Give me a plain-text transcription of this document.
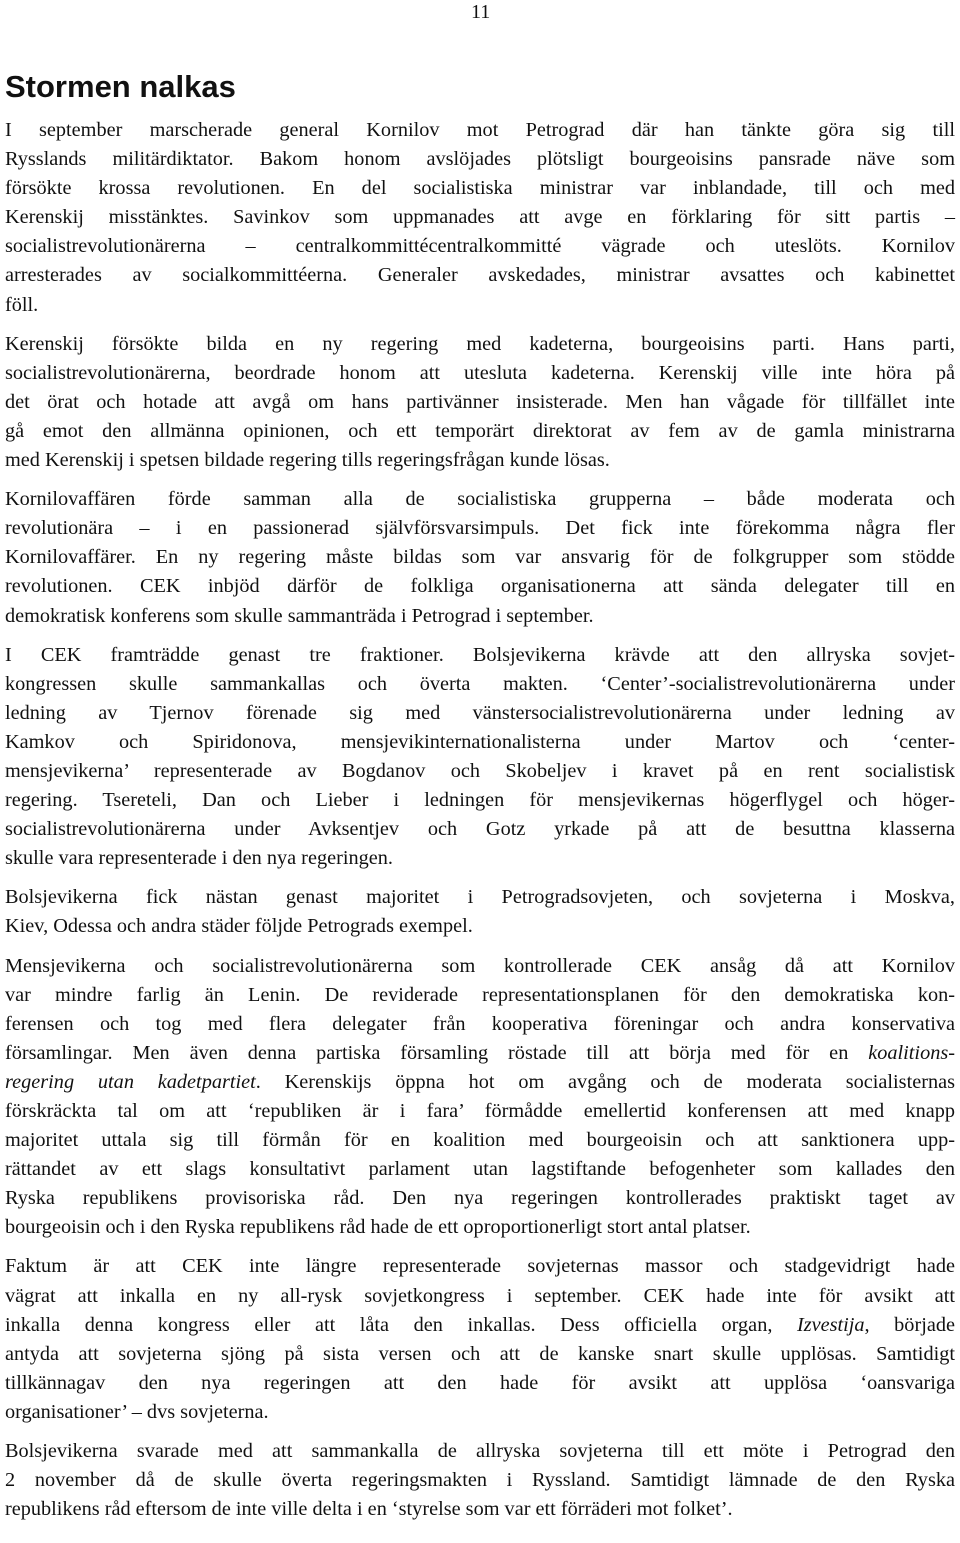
11
Stormen nalkas

I september marscherade general Kornilov mot Petrograd där han tänkte göra sig till
Rysslands militärdiktator. Bakom honom avslöjades plötsligt bourgeoisins pansrade näve som
försökte krossa revolutionen. En del socialistiska ministrar var inblandade, till och med
Kerenskij misstänktes. Savinkov som uppmanades att avge en förklaring för sitt partis –
socialistrevolutionärerna – centralkommittécentralkommitté vägrade och uteslöts. Kornilov
arresterades av socialkommittéerna. Generaler avskedades, ministrar avsattes och kabinettet
föll.

Kerenskij försökte bilda en ny regering med kadeterna, bourgeoisins parti. Hans parti,
socialistrevolutionärerna, beordrade honom att utesluta kadeterna. Kerenskij ville inte höra på
det örat och hotade att avgå om hans partivänner insisterade. Men han vågade för tillfället inte
gå emot den allmänna opinionen, och ett temporärt direktorat av fem av de gamla ministrarna
med Kerenskij i spetsen bildade regering tills regeringsfrågan kunde lösas.

Kornilovaffären förde samman alla de socialistiska grupperna – både moderata och
revolutionära – i en passionerad självförsvarsimpuls. Det fick inte förekomma några fler
Kornilovaffärer. En ny regering måste bildas som var ansvarig för de folkgrupper som stödde
revolutionen. CEK inbjöd därför de folkliga organisationerna att sända delegater till en
demokratisk konferens som skulle sammanträda i Petrograd i september.

I CEK framträdde genast tre fraktioner. Bolsjevikerna krävde att den allryska sovjet-
kongressen skulle sammankallas och överta makten. ‘Center’-socialistrevolutionärerna under
ledning av Tjernov förenade sig med vänstersocialistrevolutionärerna under ledning av
Kamkov och Spiridonova, mensjevikinternationalisterna under Martov och ‘center-
mensjevikerna’ representerade av Bogdanov och Skobeljev i kravet på en rent socialistisk
regering. Tsereteli, Dan och Lieber i ledningen för mensjevikernas högerflygel och höger-
socialistrevolutionärerna under Avksentjev och Gotz yrkade på att de besuttna klasserna
skulle vara representerade i den nya regeringen.

Bolsjevikerna fick nästan genast majoritet i Petrogradsovjeten, och sovjeterna i Moskva,
Kiev, Odessa och andra städer följde Petrograds exempel.

Mensjevikerna och socialistrevolutionärerna som kontrollerade CEK ansåg då att Kornilov
var mindre farlig än Lenin. De reviderade representationsplanen för den demokratiska kon-
ferensen och tog med flera delegater från kooperativa föreningar och andra konservativa
församlingar. Men även denna partiska församling röstade till att börja med för en koalitions-
regering utan kadetpartiet. Kerenskijs öppna hot om avgång och de moderata socialisternas
förskräckta tal om att ‘republiken är i fara’ förmådde emellertid konferensen att med knapp
majoritet uttala sig till förmån för en koalition med bourgeoisin och att sanktionera upp-
rättandet av ett slags konsultativt parlament utan lagstiftande befogenheter som kallades den
Ryska republikens provisoriska råd. Den nya regeringen kontrollerades praktiskt taget av
bourgeoisin och i den Ryska republikens råd hade de ett oproportionerligt stort antal platser.

Faktum är att CEK inte längre representerade sovjeternas massor och stadgevidrigt hade
vägrat att inkalla en ny all-rysk sovjetkongress i september. CEK hade inte för avsikt att
inkalla denna kongress eller att låta den inkallas. Dess officiella organ, Izvestija, började
antyda att sovjeterna sjöng på sista versen och att de kanske snart skulle upplösas. Samtidigt
tillkännagav den nya regeringen att den hade för avsikt att upplösa ‘oansvariga
organisationer’ – dvs sovjeterna.

Bolsjevikerna svarade med att sammankalla de allryska sovjeterna till ett möte i Petrograd den
2 november då de skulle överta regeringsmakten i Ryssland. Samtidigt lämnade de den Ryska
republikens råd eftersom de inte ville delta i en ‘styrelse som var ett förräderi mot folket’.
